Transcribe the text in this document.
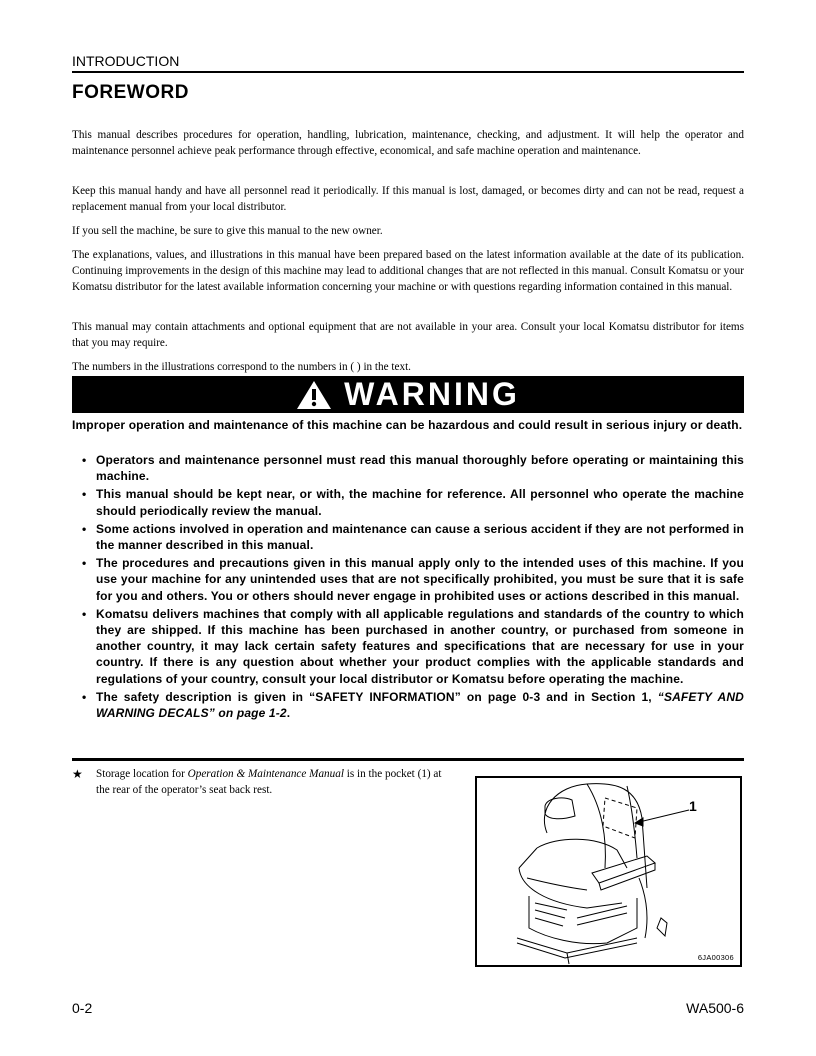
INTRODUCTION
FOREWORD

This manual describes procedures for operation, handling, lubrication, maintenance, checking, and adjustment. It will help the operator and maintenance personnel achieve peak performance through effective, economical, and safe machine operation and maintenance.

Keep this manual handy and have all personnel read it periodically. If this manual is lost, damaged, or becomes dirty and can not be read, request a replacement manual from your local distributor.

If you sell the machine, be sure to give this manual to the new owner.

The explanations, values, and illustrations in this manual have been prepared based on the latest information available at the date of its publication. Continuing improvements in the design of this machine may lead to additional changes that are not reflected in this manual. Consult Komatsu or your Komatsu distributor for the latest available information concerning your machine or with questions regarding information contained in this manual.

This manual may contain attachments and optional equipment that are not available in your area. Consult your local Komatsu distributor for items that you may require.

The numbers in the illustrations correspond to the numbers in ( ) in the text.

WARNING

Improper operation and maintenance of this machine can be hazardous and could result in serious injury or death.

• Operators and maintenance personnel must read this manual thoroughly before operating or maintaining this machine.
• This manual should be kept near, or with, the machine for reference. All personnel who operate the machine should periodically review the manual.
• Some actions involved in operation and maintenance can cause a serious accident if they are not performed in the manner described in this manual.
• The procedures and precautions given in this manual apply only to the intended uses of this machine. If you use your machine for any unintended uses that are not specifically prohibited, you must be sure that it is safe for you and others. You or others should never engage in prohibited uses or actions described in this manual.
• Komatsu delivers machines that comply with all applicable regulations and standards of the country to which they are shipped. If this machine has been purchased in another country, or purchased from someone in another country, it may lack certain safety features and specifications that are necessary for use in your country. If there is any question about whether your product complies with the applicable standards and regulations of your country, consult your local distributor or Komatsu before operating the machine.
• The safety description is given in “SAFETY INFORMATION” on page 0-3 and in Section 1, “SAFETY AND WARNING DECALS” on page 1-2.
★ Storage location for Operation & Maintenance Manual is in the pocket (1) at the rear of the operator’s seat back rest.
1
6JA00306
0-2	WA500-6
